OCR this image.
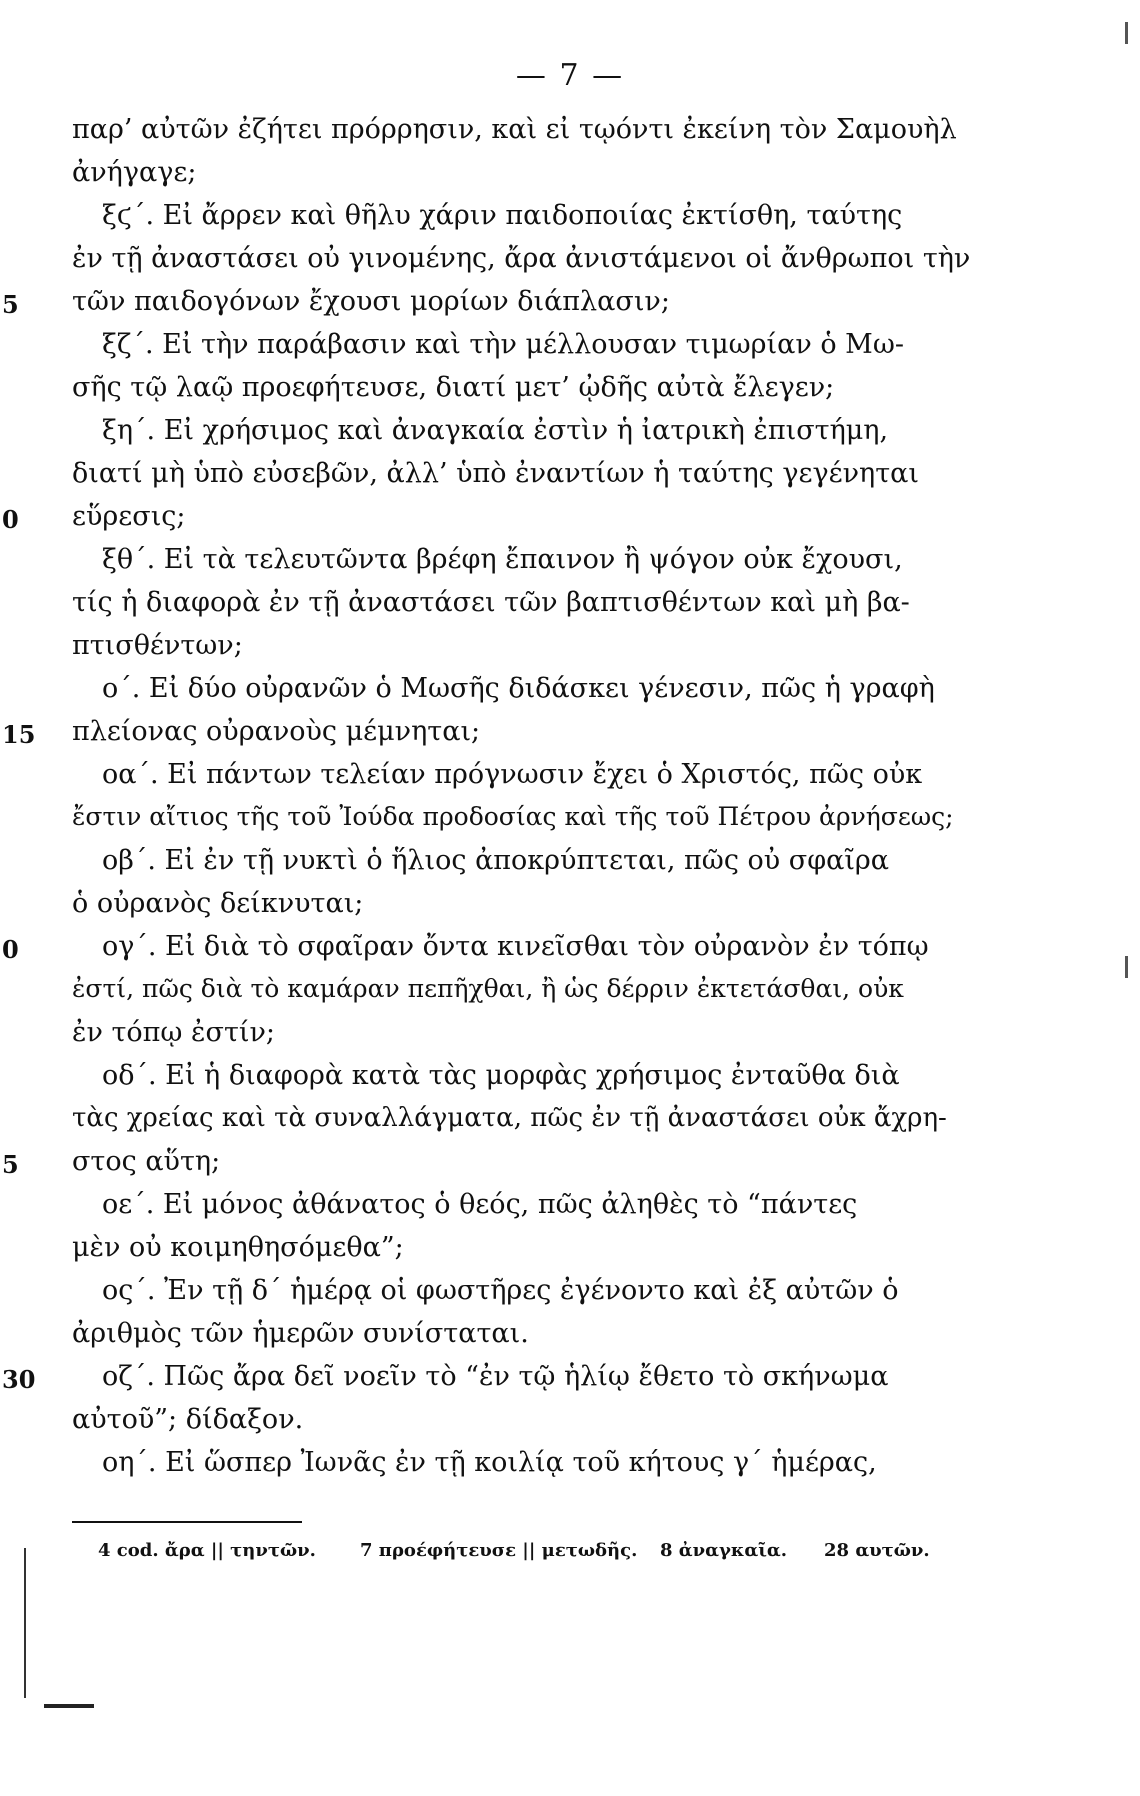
— 7 —
παρ’ αὐτῶν ἐζήτει πρόρρησιν, καὶ εἰ τῳόντι ἐκείνη τὸν Σαμουὴλ
ἀνήγαγε;
ξϛ΄. Εἰ ἄρρεν καὶ θῆλυ χάριν παιδοποιίας ἐκτίσθη, ταύτης
ἐν τῇ ἀναστάσει οὐ γινομένης, ἄρα ἀνιστάμενοι οἱ ἄνθρωποι τὴν
τῶν παιδογόνων ἔχουσι μορίων διάπλασιν;
ξζ΄. Εἰ τὴν παράβασιν καὶ τὴν μέλλουσαν τιμωρίαν ὁ Μω-
σῆς τῷ λαῷ προεφήτευσε, διατί μετ’ ᾠδῆς αὐτὰ ἔλεγεν;
ξη΄. Εἰ χρήσιμος καὶ ἀναγκαία ἐστὶν ἡ ἰατρικὴ ἐπιστήμη,
διατί μὴ ὑπὸ εὐσεβῶν, ἀλλ’ ὑπὸ ἐναντίων ἡ ταύτης γεγένηται
εὕρεσις;
ξθ΄. Εἰ τὰ τελευτῶντα βρέφη ἔπαινον ἢ ψόγον οὐκ ἔχουσι,
τίς ἡ διαφορὰ ἐν τῇ ἀναστάσει τῶν βαπτισθέντων καὶ μὴ βα-
πτισθέντων;
ο΄. Εἰ δύο οὐρανῶν ὁ Μωσῆς διδάσκει γένεσιν, πῶς ἡ γραφὴ
πλείονας οὐρανοὺς μέμνηται;
οα΄. Εἰ πάντων τελείαν πρόγνωσιν ἔχει ὁ Χριστός, πῶς οὐκ
ἔστιν αἴτιος τῆς τοῦ Ἰούδα προδοσίας καὶ τῆς τοῦ Πέτρου ἀρνήσεως;
οβ΄. Εἰ ἐν τῇ νυκτὶ ὁ ἥλιος ἀποκρύπτεται, πῶς οὐ σφαῖρα
ὁ οὐρανὸς δείκνυται;
ογ΄. Εἰ διὰ τὸ σφαῖραν ὄντα κινεῖσθαι τὸν οὐρανὸν ἐν τόπῳ
ἐστί, πῶς διὰ τὸ καμάραν πεπῆχθαι, ἢ ὡς δέρριν ἐκτετάσθαι, οὐκ
ἐν τόπῳ ἐστίν;
οδ΄. Εἰ ἡ διαφορὰ κατὰ τὰς μορφὰς χρήσιμος ἐνταῦθα διὰ
τὰς χρείας καὶ τὰ συναλλάγματα, πῶς ἐν τῇ ἀναστάσει οὐκ ἄχρη-
στος αὕτη;
οε΄. Εἰ μόνος ἀθάνατος ὁ θεός, πῶς ἀληθὲς τὸ “πάντες
μὲν οὐ κοιμηθησόμεθα”;
ος΄. Ἐν τῇ δ΄ ἡμέρᾳ οἱ φωστῆρες ἐγένοντο καὶ ἐξ αὐτῶν ὁ
ἀριθμὸς τῶν ἡμερῶν συνίσταται.
οζ΄. Πῶς ἄρα δεῖ νοεῖν τὸ “ἐν τῷ ἡλίῳ ἔθετο τὸ σκήνωμα
αὐτοῦ”; δίδαξον.
οη΄. Εἰ ὥσπερ Ἰωνᾶς ἐν τῇ κοιλίᾳ τοῦ κήτους γ΄ ἡμέρας,
5
0
15
0
5
30
4 cod. ἄρα || τηντῶν. 7 προέφήτευσε || μετωδῆς. 8 ἀναγκαῖα. 28 αυτῶν.
